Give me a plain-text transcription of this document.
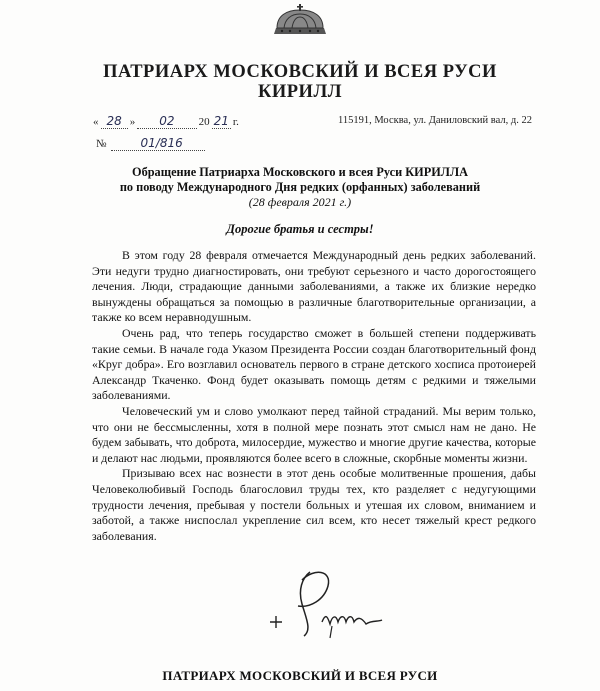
ПАТРИАРХ МОСКОВСКИЙ И ВСЕЯ РУСИ
КИРИЛЛ
« 28 »	02	20 21 г.	115191, Москва, ул. Даниловский вал, д. 22
№	01/816
Обращение Патриарха Московского и всея Руси КИРИЛЛА
по поводу Международного Дня редких (орфанных) заболеваний
(28 февраля 2021 г.)
Дорогие братья и сестры!

В этом году 28 февраля отмечается Международный день редких заболеваний. Эти недуги трудно диагностировать, они требуют серьезного и часто дорогостоящего лечения. Люди, страдающие данными заболеваниями, а также их близкие нередко вынуждены обращаться за помощью в различные благотворительные организации, а также ко всем неравнодушным.

Очень рад, что теперь государство сможет в большей степени поддерживать такие семьи. В начале года Указом Президента России создан благотворительный фонд «Круг добра». Его возглавил основатель первого в стране детского хосписа протоиерей Александр Ткаченко. Фонд будет оказывать помощь детям с редкими и тяжелыми заболеваниями.

Человеческий ум и слово умолкают перед тайной страданий. Мы верим только, что они не бессмысленны, хотя в полной мере познать этот смысл нам не дано. Не будем забывать, что доброта, милосердие, мужество и многие другие качества, которые и делают нас людьми, проявляются более всего в сложные, скорбные моменты жизни.

Призываю всех нас вознести в этот день особые молитвенные прошения, дабы Человеколюбивый Господь благословил труды тех, кто разделяет с недугующими трудности лечения, пребывая у постели больных и утешая их словом, вниманием и заботой, а также ниспослал укрепление сил всем, кто несет тяжелый крест редкого заболевания.

ПАТРИАРХ МОСКОВСКИЙ И ВСЕЯ РУСИ
